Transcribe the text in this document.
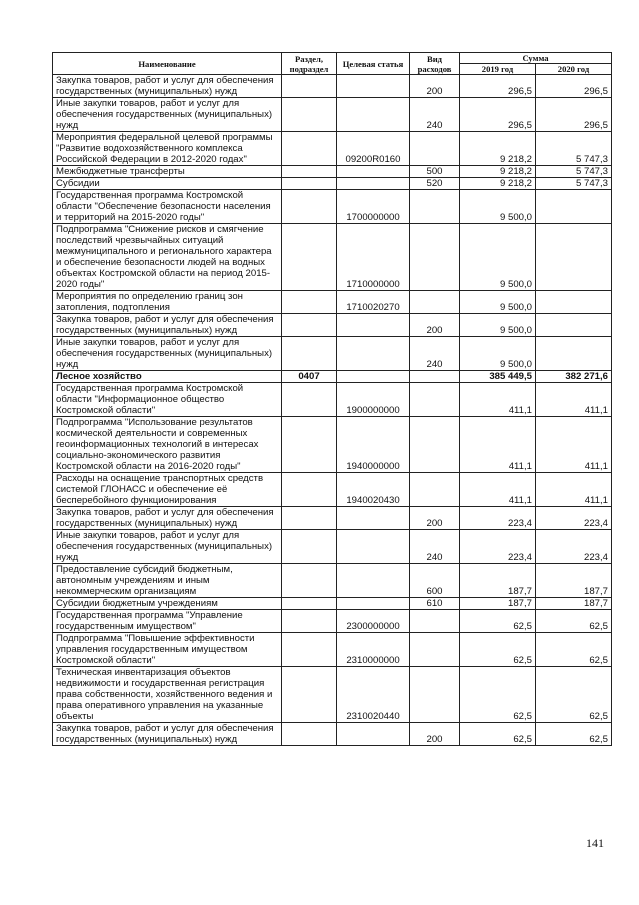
Наименование	Раздел, подраздел	Целевая статья	Вид расходов	Сумма	
				2019 год	2020 год
Закупка товаров, работ и услуг для обеспечения государственных (муниципальных) нужд			200	296,5	296,5
Иные закупки товаров, работ и услуг для обеспечения государственных (муниципальных) нужд			240	296,5	296,5
Мероприятия федеральной целевой программы "Развитие водохозяйственного комплекса Российской Федерации в 2012-2020 годах"		09200R0160		9 218,2	5 747,3
Межбюджетные трансферты			500	9 218,2	5 747,3
Субсидии			520	9 218,2	5 747,3
Государственная программа Костромской области "Обеспечение безопасности населения и территорий на 2015-2020 годы"		1700000000		9 500,0	
Подпрограмма "Снижение рисков и смягчение последствий чрезвычайных ситуаций межмуниципального и регионального характера и обеспечение безопасности людей на водных объектах Костромской области на период 2015-2020 годы"		1710000000		9 500,0	
Мероприятия по определению границ зон затопления, подтопления		1710020270		9 500,0	
Закупка товаров, работ и услуг для обеспечения государственных (муниципальных) нужд			200	9 500,0	
Иные закупки товаров, работ и услуг для обеспечения государственных (муниципальных) нужд			240	9 500,0	
Лесное хозяйство	0407			385 449,5	382 271,6
Государственная программа Костромской области "Информационное общество Костромской области"		1900000000		411,1	411,1
Подпрограмма "Использование результатов космической деятельности и современных геоинформационных технологий в интересах социально-экономического развития Костромской области на 2016-2020 годы"		1940000000		411,1	411,1
Расходы на оснащение транспортных средств системой ГЛОНАСС и обеспечение её бесперебойного функционирования		1940020430		411,1	411,1
Закупка товаров, работ и услуг для обеспечения государственных (муниципальных) нужд			200	223,4	223,4
Иные закупки товаров, работ и услуг для обеспечения государственных (муниципальных) нужд			240	223,4	223,4
Предоставление субсидий бюджетным, автономным учреждениям и иным некоммерческим организациям			600	187,7	187,7
Субсидии бюджетным учреждениям			610	187,7	187,7
Государственная программа "Управление государственным имуществом"		2300000000		62,5	62,5
Подпрограмма "Повышение эффективности управления государственным имуществом Костромской области"		2310000000		62,5	62,5
Техническая инвентаризация объектов недвижимости и государственная регистрация права собственности, хозяйственного ведения и права оперативного управления на указанные объекты		2310020440		62,5	62,5
Закупка товаров, работ и услуг для обеспечения государственных (муниципальных) нужд			200	62,5	62,5
141
